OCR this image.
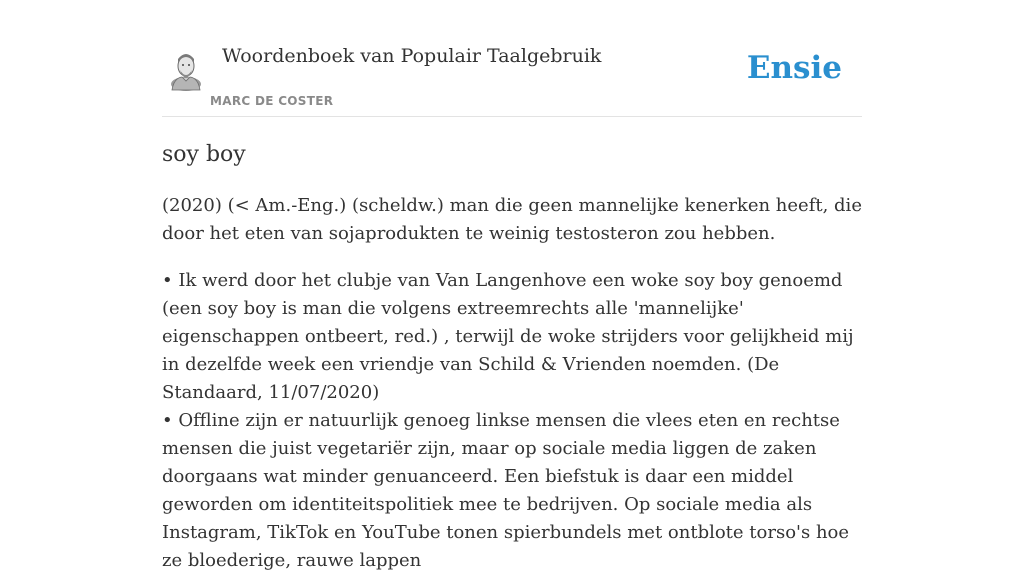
Woordenboek van Populair Taalgebruik
MARC DE COSTER
Ensie
soy boy

(2020) (< Am.-Eng.) (scheldw.) man die geen mannelijke kenerken heeft, die door het eten van sojaprodukten te weinig testosteron zou hebben.

• Ik werd door het clubje van Van Langenhove een woke soy boy genoemd (een soy boy is man die volgens extreemrechts alle 'mannelijke' eigenschappen ontbeert, red.) , terwijl de woke strijders voor gelijkheid mij in dezelfde week een vriendje van Schild & Vrienden noemden. (De Standaard, 11/07/2020)
• Offline zijn er natuurlijk genoeg linkse mensen die vlees eten en rechtse mensen die juist vegetariër zijn, maar op sociale media liggen de zaken doorgaans wat minder genuanceerd. Een biefstuk is daar een middel geworden om identiteitspolitiek mee te bedrijven. Op sociale media als Instagram, TikTok en YouTube tonen spierbundels met ontblote torso's hoe ze bloederige, rauwe lappen
